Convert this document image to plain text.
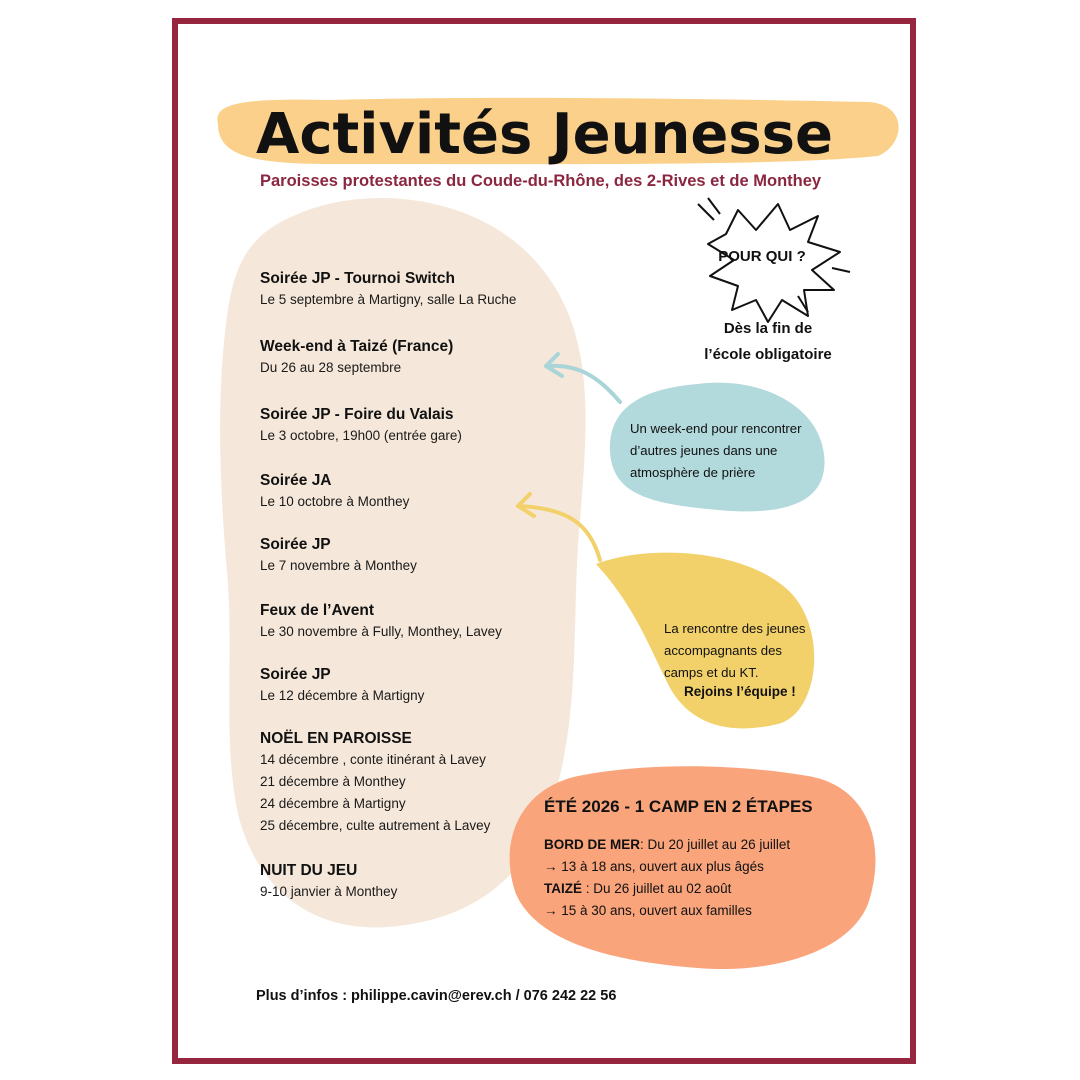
Activités Jeunesse

Paroisses protestantes du Coude-du-Rhône, des 2-Rives et de Monthey

Soirée JP - Tournoi Switch
Le 5 septembre à Martigny, salle La Ruche
Week-end à Taizé (France)
Du 26 au 28 septembre
Soirée JP - Foire du Valais
Le 3 octobre, 19h00 (entrée gare)
Soirée JA
Le 10 octobre à Monthey
Soirée JP
Le 7 novembre à Monthey
Feux de l’Avent
Le 30 novembre à Fully, Monthey, Lavey
Soirée JP
Le 12 décembre à Martigny
NOËL EN PAROISSE
14 décembre , conte itinérant à Lavey
21 décembre à Monthey
24 décembre à Martigny
25 décembre, culte autrement à Lavey
NUIT DU JEU
9-10 janvier à Monthey
POUR QUI ?
Dès la fin de
l’école obligatoire
Un week-end pour rencontrer
d’autres jeunes dans une
atmosphère de prière
La rencontre des jeunes
accompagnants des
camps et du KT.
Rejoins l’équipe !

ÉTÉ 2026 - 1 CAMP EN 2 ÉTAPES

BORD DE MER: Du 20 juillet au 26 juillet
→ 13 à 18 ans, ouvert aux plus âgés
TAIZÉ : Du 26 juillet au 02 août
→ 15 à 30 ans, ouvert aux familles

Plus d’infos : philippe.cavin@erev.ch / 076 242 22 56
